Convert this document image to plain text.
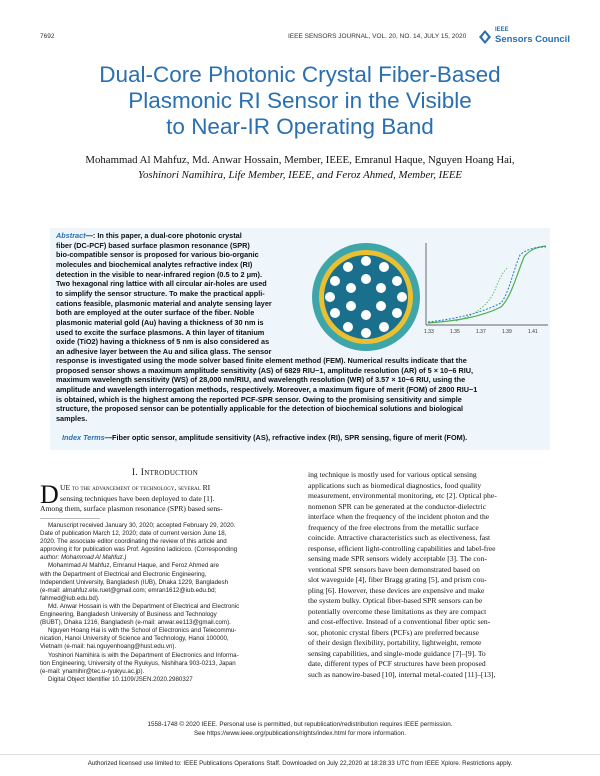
7692	IEEE SENSORS JOURNAL, VOL. 20, NO. 14, JULY 15, 2020
IEEE
Sensors Council
Dual-Core Photonic Crystal Fiber-Based
Plasmonic RI Sensor in the Visible
to Near-IR Operating Band
Mohammad Al Mahfuz, Md. Anwar Hossain, Member, IEEE, Emranul Haque, Nguyen Hoang Hai,
Yoshinori Namihira, Life Member, IEEE, and Feroz Ahmed, Member, IEEE
Abstract—: In this paper, a dual-core photonic crystal
fiber (DC-PCF) based surface plasmon resonance (SPR)
bio-compatible sensor is proposed for various bio-organic
molecules and biochemical analytes refractive index (RI)
detection in the visible to near-infrared region (0.5 to 2 μm).
Two hexagonal ring lattice with all circular air-holes are used
to simplify the sensor structure. To make the practical appli-
cations feasible, plasmonic material and analyte sensing layer
both are employed at the outer surface of the fiber. Noble
plasmonic material gold (Au) having a thickness of 30 nm is
used to excite the surface plasmons. A thin layer of titanium
oxide (TiO2) having a thickness of 5 nm is also considered as
an adhesive layer between the Au and silica glass. The sensor
1.33	1.35	1.37	1.39	1.41
response is investigated using the mode solver based finite element method (FEM). Numerical results indicate that the
proposed sensor shows a maximum amplitude sensitivity (AS) of 6829 RIU−1, amplitude resolution (AR) of 5 × 10−6 RIU,
maximum wavelength sensitivity (WS) of 28,000 nm/RIU, and wavelength resolution (WR) of 3.57 × 10−6 RIU, using the
amplitude and wavelength interrogation methods, respectively. Moreover, a maximum figure of merit (FOM) of 2800 RIU−1
is obtained, which is the highest among the reported PCF-SPR sensor. Owing to the promising sensitivity and simple
structure, the proposed sensor can be potentially applicable for the detection of biochemical solutions and biological
samples.
Index Terms—Fiber optic sensor, amplitude sensitivity (AS), refractive index (RI), SPR sensing, figure of merit (FOM).
I. Introduction
D UE to the advancement of technology, several RI
sensing techniques have been deployed to date [1].
Among them, surface plasmon resonance (SPR) based sens-
Manuscript received January 30, 2020; accepted February 29, 2020.
Date of publication March 12, 2020; date of current version June 18,
2020. The associate editor coordinating the review of this article and
approving it for publication was Prof. Agostino Iadicicco. (Corresponding
author: Mohammad Al Mahfuz.)
Mohammad Al Mahfuz, Emranul Haque, and Feroz Ahmed are
with the Department of Electrical and Electronic Engineering,
Independent University, Bangladesh (IUB), Dhaka 1229, Bangladesh
(e-mail: almahfuz.ete.ruet@gmail.com; emran1612@iub.edu.bd;
fahmed@iub.edu.bd).
Md. Anwar Hossain is with the Department of Electrical and Electronic
Engineering, Bangladesh University of Business and Technology
(BUBT), Dhaka 1216, Bangladesh (e-mail: anwar.ee113@gmail.com).
Nguyen Hoang Hai is with the School of Electronics and Telecommu-
nication, Hanoi University of Science and Technology, Hanoi 100000,
Vietnam (e-mail: hai.nguyenhoang@hust.edu.vn).
Yoshinori Namihira is with the Department of Electronics and Informa-
tion Engineering, University of the Ryukyus, Nishihara 903-0213, Japan
(e-mail: ynamihir@tec.u-ryukyu.ac.jp).
Digital Object Identifier 10.1109/JSEN.2020.2980327
ing technique is mostly used for various optical sensing
applications such as biomedical diagnostics, food quality
measurement, environmental monitoring, etc [2]. Optical phe-
nomenon SPR can be generated at the conductor-dielectric
interface when the frequency of the incident photon and the
frequency of the free electrons from the metallic surface
coincide. Attractive characteristics such as electiveness, fast
response, efficient light-controlling capabilities and label-free
sensing made SPR sensors widely acceptable [3]. The con-
ventional SPR sensors have been demonstrated based on
slot waveguide [4], fiber Bragg grating [5], and prism cou-
pling [6]. However, these devices are expensive and make
the system bulky. Optical fiber-based SPR sensors can be
potentially overcome these limitations as they are compact
and cost-effective. Instead of a conventional fiber optic sen-
sor, photonic crystal fibers (PCFs) are preferred because
of their design flexibility, portability, lightweight, remote
sensing capabilities, and single-mode guidance [7]–[9]. To
date, different types of PCF structures have been proposed
such as nanowire-based [10], internal metal-coated [11]–[13],
1558-1748 © 2020 IEEE. Personal use is permitted, but republication/redistribution requires IEEE permission.
See https://www.ieee.org/publications/rights/index.html for more information.
Authorized licensed use limited to: IEEE Publications Operations Staff. Downloaded on July 22,2020 at 18:28:33 UTC from IEEE Xplore. Restrictions apply.
